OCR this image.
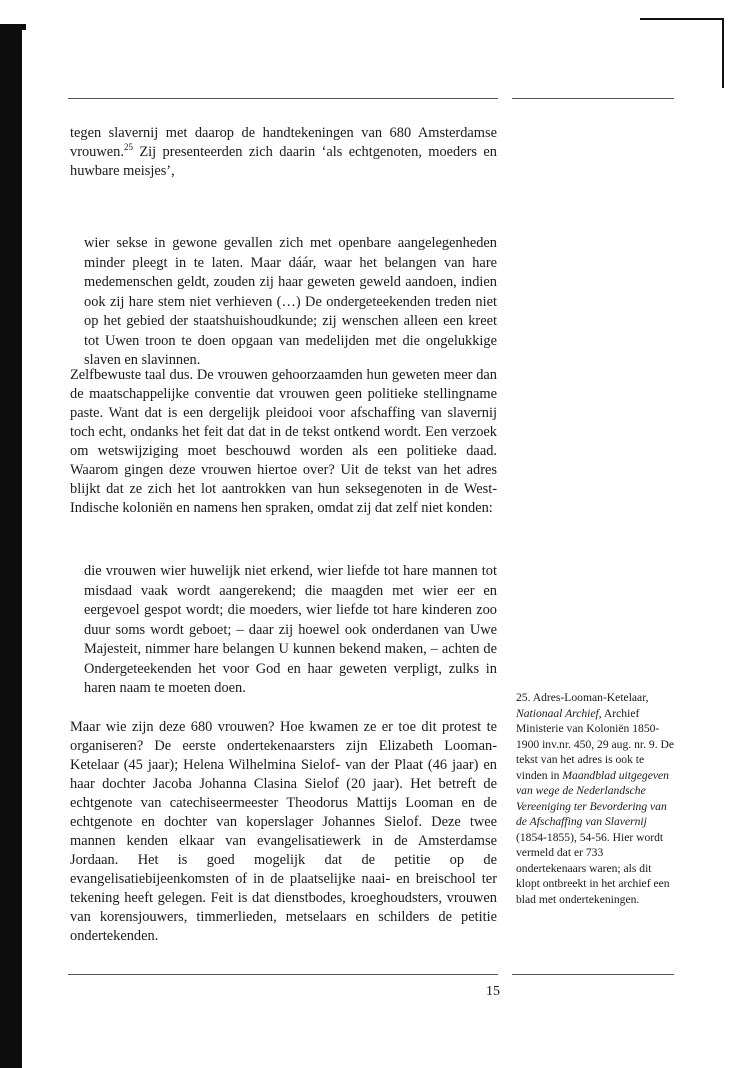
tegen slavernij met daarop de handtekeningen van 680 Amsterdamse vrouwen.$^{25}$ Zij presenteerden zich daarin ‘als echtgenoten, moeders en huwbare meisjes’,

wier sekse in gewone gevallen zich met openbare aangelegenheden minder pleegt in te laten. Maar dáár, waar het belangen van hare medemenschen geldt, zouden zij haar geweten geweld aandoen, indien ook zij hare stem niet verhieven (…) De ondergeteekenden treden niet op het gebied der staatshuishoudkunde; zij wenschen alleen een kreet tot Uwen troon te doen opgaan van medelijden met die ongelukkige slaven en slavinnen.

Zelfbewuste taal dus. De vrouwen gehoorzaamden hun geweten meer dan de maatschappelijke conventie dat vrouwen geen politieke stellingname paste. Want dat is een dergelijk pleidooi voor afschaffing van slavernij toch echt, ondanks het feit dat dat in de tekst ontkend wordt. Een verzoek om wetswijziging moet beschouwd worden als een politieke daad. Waarom gingen deze vrouwen hiertoe over? Uit de tekst van het adres blijkt dat ze zich het lot aantrokken van hun seksegenoten in de West-Indische koloniën en namens hen spraken, omdat zij dat zelf niet konden:

die vrouwen wier huwelijk niet erkend, wier liefde tot hare mannen tot misdaad vaak wordt aangerekend; die maagden met wier eer en eergevoel gespot wordt; die moeders, wier liefde tot hare kinderen zoo duur soms wordt geboet; – daar zij hoewel ook onderdanen van Uwe Majesteit, nimmer hare belangen U kunnen bekend maken, – achten de Ondergeteekenden het voor God en haar geweten verpligt, zulks in haren naam te moeten doen.

Maar wie zijn deze 680 vrouwen? Hoe kwamen ze er toe dit protest te organiseren? De eerste ondertekenaarsters zijn Elizabeth Looman-Ketelaar (45 jaar); Helena Wilhelmina Sielof- van der Plaat (46 jaar) en haar dochter Jacoba Johanna Clasina Sielof (20 jaar). Het betreft de echtgenote van catechiseermeester Theodorus Mattijs Looman en de echtgenote en dochter van koperslager Johannes Sielof. Deze twee mannen kenden elkaar van evangelisatiewerk in de Amsterdamse Jordaan. Het is goed mogelijk dat de petitie op de evangelisatiebijeenkomsten of in de plaatselijke naai- en breischool ter tekening heeft gelegen. Feit is dat dienstbodes, kroeghoudsters, vrouwen van korensjouwers, timmerlieden, metselaars en schilders de petitie ondertekenden.

25. Adres-Looman-Ketelaar, Nationaal Archief, Archief Ministerie van Koloniën 1850-1900 inv.nr. 450, 29 aug. nr. 9. De tekst van het adres is ook te vinden in Maandblad uitgegeven van wege de Nederlandsche Vereeniging ter Bevordering van de Afschaffing van Slavernij (1854-1855), 54-56. Hier wordt vermeld dat er 733 ondertekenaars waren; als dit klopt ontbreekt in het archief een blad met ondertekeningen.

15
